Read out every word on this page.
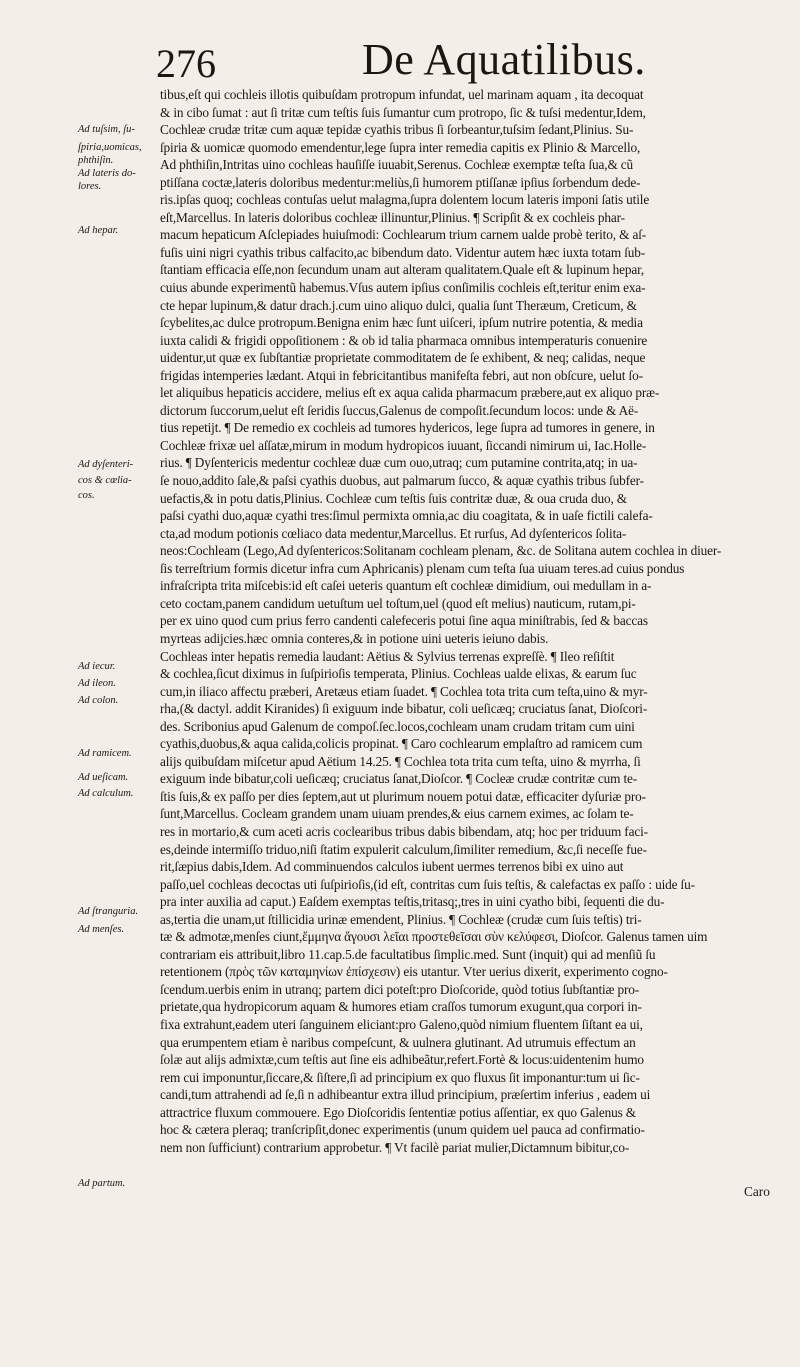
276	De Aquatilibus.
Ad tuſsim, ſu-
ſpiria,uomicas,
phthiſin.
Ad lateris do-
lores.
Ad hepar.
Ad dyſenteri-
cos & cœlia-
cos.
Ad iecur.
Ad ileon.
Ad colon.
Ad ramicem.
Ad ueſicam.
Ad calculum.
Ad ſtranguria.
Ad menſes.
Ad partum.
tibus,eſt qui cochleis illotis quibuſdam protropum infundat, uel marinam aquam , ita decoquat
& in cibo ſumat : aut ſi tritæ cum teſtis ſuis ſumantur cum protropo, ſic & tuſsi medentur,Idem,
Cochleæ crudæ tritæ cum aquæ tepidæ cyathis tribus ſi ſorbeantur,tuſsim ſedant,Plinius. Su-
ſpiria & uomicæ quomodo emendentur,lege ſupra inter remedia capitis ex Plinio & Marcello,
Ad phthiſin,Intritas uino cochleas hauſiſſe iuuabit,Serenus. Cochleæ exemptæ teſta ſua,& cũ
ptiſſana coctæ,lateris doloribus medentur:meliùs,ſi humorem ptiſſanæ ipſius ſorbendum dede-
ris.ipſas quoq; cochleas contuſas uelut malagma,ſupra dolentem locum lateris imponi ſatis utile
eſt,Marcellus. In lateris doloribus cochleæ illinuntur,Plinius. ¶ Scripſit & ex cochleis phar-
macum hepaticum Aſclepiades huiuſmodi: Cochlearum trium carnem ualde probè terito, & aſ-
fuſis uini nigri cyathis tribus calfacito,ac bibendum dato. Videntur autem hæc iuxta totam ſub-
ſtantiam efficacia eſſe,non ſecundum unam aut alteram qualitatem.Quale eſt & lupinum hepar,
cuius abunde experimentũ habemus.Vſus autem ipſius conſimilis cochleis eſt,teritur enim exa-
cte hepar lupinum,& datur drach.j.cum uino aliquo dulci, qualia ſunt Theræum, Creticum, &
ſcybelites,ac dulce protropum.Benigna enim hæc ſunt uiſceri, ipſum nutrire potentia, & media
iuxta calidi & frigidi oppoſitionem : & ob id talia pharmaca omnibus intemperaturis conuenire
uidentur,ut quæ ex ſubſtantiæ proprietate commoditatem de ſe exhibent, & neq; calidas, neque
frigidas intemperies lædant. Atqui in febricitantibus manifeſta febri, aut non obſcure, uelut ſo-
let aliquibus hepaticis accidere, melius eſt ex aqua calida pharmacum præbere,aut ex aliquo præ-
dictorum ſuccorum,uelut eſt ſeridis ſuccus,Galenus de compoſit.ſecundum locos: unde & Aë-
tius repetijt. ¶ De remedio ex cochleis ad tumores hydericos, lege ſupra ad tumores in genere, in
Cochleæ frixæ uel aſſatæ,mirum in modum hydropicos iuuant, ſiccandi nimirum ui, Iac.Holle-
rius. ¶ Dyſentericis medentur cochleæ duæ cum ouo,utraq; cum putamine contrita,atq; in ua-
ſe nouo,addito ſale,& paſsi cyathis duobus, aut palmarum ſucco, & aquæ cyathis tribus ſubfer-
uefactis,& in potu datis,Plinius. Cochleæ cum teſtis ſuis contritæ duæ, & oua cruda duo, &
paſsi cyathi duo,aquæ cyathi tres:ſimul permixta omnia,ac diu coagitata, & in uaſe fictili calefa-
cta,ad modum potionis cœliaco data medentur,Marcellus. Et rurſus, Ad dyſentericos ſolita-
neos:Cochleam (Lego,Ad dyſentericos:Solitanam cochleam plenam, &c. de Solitana autem cochlea in diuer-
ſis terreſtrium formis dicetur infra cum Aphricanis) plenam cum teſta ſua uiuam teres.ad cuius pondus
infraſcripta trita miſcebis:id eſt caſei ueteris quantum eſt cochleæ dimidium, oui medullam in a-
ceto coctam,panem candidum uetuſtum uel toſtum,uel (quod eſt melius) nauticum, rutam,pi-
per ex uino quod cum prius ferro candenti calefeceris potui ſine aqua miniſtrabis, ſed & baccas
myrteas adijcies.hæc omnia conteres,& in potione uini ueteris ieiuno dabis.
Cochleas inter hepatis remedia laudant: Aëtius & Sylvius terrenas expreſſè. ¶ Ileo reſiſtit
& cochlea,ſicut diximus in ſuſpirioſis temperata, Plinius. Cochleas ualde elixas, & earum ſuc
cum,in iliaco affectu præberi, Aretæus etiam ſuadet. ¶ Cochlea tota trita cum teſta,uino & myr-
rha,(& dactyl. addit Kiranides) ſi exiguum inde bibatur, coli ueſicæq; cruciatus ſanat, Dioſcori-
des. Scribonius apud Galenum de compoſ.ſec.locos,cochleam unam crudam tritam cum uini
cyathis,duobus,& aqua calida,colicis propinat. ¶ Caro cochlearum emplaſtro ad ramicem cum
alijs quibuſdam miſcetur apud Aëtium 14.25. ¶ Cochlea tota trita cum teſta, uino & myrrha, ſi
exiguum inde bibatur,coli ueſicæq; cruciatus ſanat,Dioſcor. ¶ Cocleæ crudæ contritæ cum te-
ſtis ſuis,& ex paſſo per dies ſeptem,aut ut plurimum nouem potui datæ, efficaciter dyſuriæ pro-
ſunt,Marcellus. Cocleam grandem unam uiuam prendes,& eius carnem eximes, ac ſolam te-
res in mortario,& cum aceti acris coclearibus tribus dabis bibendam, atq; hoc per triduum faci-
es,deinde intermiſſo triduo,niſi ſtatim expulerit calculum,ſimiliter remedium, &c,ſi neceſſe fue-
rit,ſæpius dabis,Idem. Ad comminuendos calculos iubent uermes terrenos bibi ex uino aut
paſſo,uel cochleas decoctas uti ſuſpirioſis,(id eſt, contritas cum ſuis teſtis, & calefactas ex paſſo : uide ſu-
pra inter auxilia ad caput.) Eaſdem exemptas teſtis,tritasq;,tres in uini cyatho bibi, ſequenti die du-
as,tertia die unam,ut ſtillicidia urinæ emendent, Plinius. ¶ Cochleæ (crudæ cum ſuis teſtis) tri-
tæ & admotæ,menſes ciunt,ἔμμηνα ἄγουσι λεῖαι προστεθεῖσαι σὺν κελύφεσι, Dioſcor. Galenus tamen uim
contrariam eis attribuit,libro 11.cap.5.de facultatibus ſimplic.med. Sunt (inquit) qui ad menſiũ ſu
retentionem (πρὸς τῶν καταμηνίων ἐπίσχεσιν) eis utantur. Vter uerius dixerit, experimento cogno-
ſcendum.uerbis enim in utranq; partem dici poteſt:pro Dioſcoride, quòd totius ſubſtantiæ pro-
prietate,qua hydropicorum aquam & humores etiam craſſos tumorum exugunt,qua corpori in-
fixa extrahunt,eadem uteri ſanguinem eliciant:pro Galeno,quòd nimium fluentem ſiſtant ea ui,
qua erumpentem etiam è naribus compeſcunt, & uulnera glutinant. Ad utrumuis effectum an
ſolæ aut alijs admixtæ,cum teſtis aut ſine eis adhibeãtur,refert.Fortè & locus:uidentenim humo
rem cui imponuntur,ſiccare,& ſiſtere,ſi ad principium ex quo fluxus ſit imponantur:tum ui ſic-
candi,tum attrahendi ad ſe,ſi n adhibeantur extra illud principium, præſertim inferius , eadem ui
attractrice fluxum commouere. Ego Dioſcoridis ſententiæ potius aſſentiar, ex quo Galenus &
hoc & cætera pleraq; tranſcripſit,donec experimentis (unum quidem uel pauca ad confirmatio-
nem non ſufficiunt) contrarium approbetur. ¶ Vt facilè pariat mulier,Dictamnum bibitur,co-
Caro
